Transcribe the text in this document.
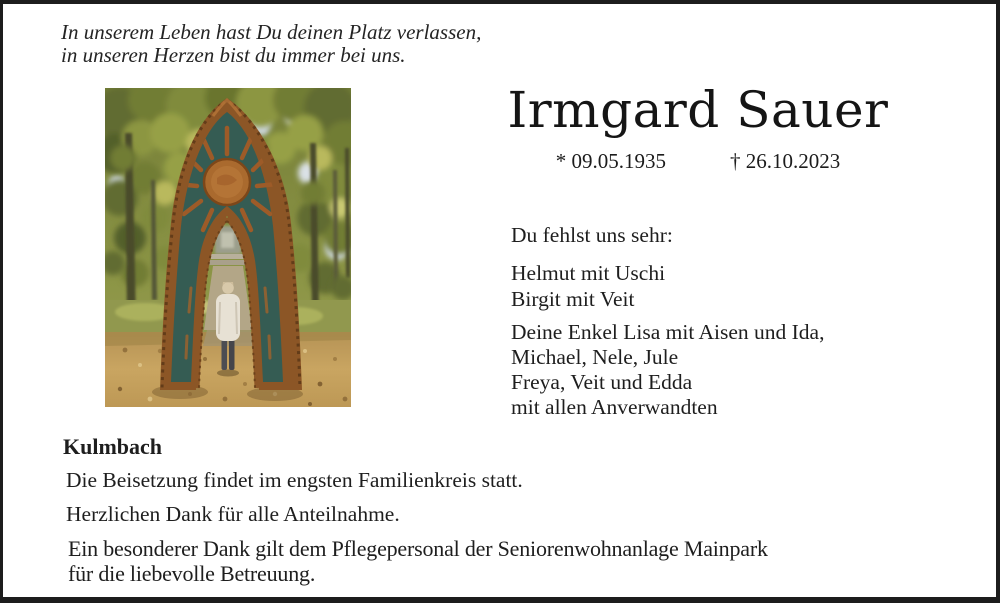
In unserem Leben hast Du deinen Platz verlassen,
in unseren Herzen bist du immer bei uns.
Irmgard Sauer
* 09.05.1935	† 26.10.2023
Du fehlst uns sehr:
Helmut mit Uschi
Birgit mit Veit
Deine Enkel Lisa mit Aisen und Ida,
Michael, Nele, Jule
Freya, Veit und Edda
mit allen Anverwandten
Kulmbach
Die Beisetzung findet im engsten Familienkreis statt.
Herzlichen Dank für alle Anteilnahme.
Ein besonderer Dank gilt dem Pflegepersonal der Seniorenwohnanlage Mainpark
für die liebevolle Betreuung.
